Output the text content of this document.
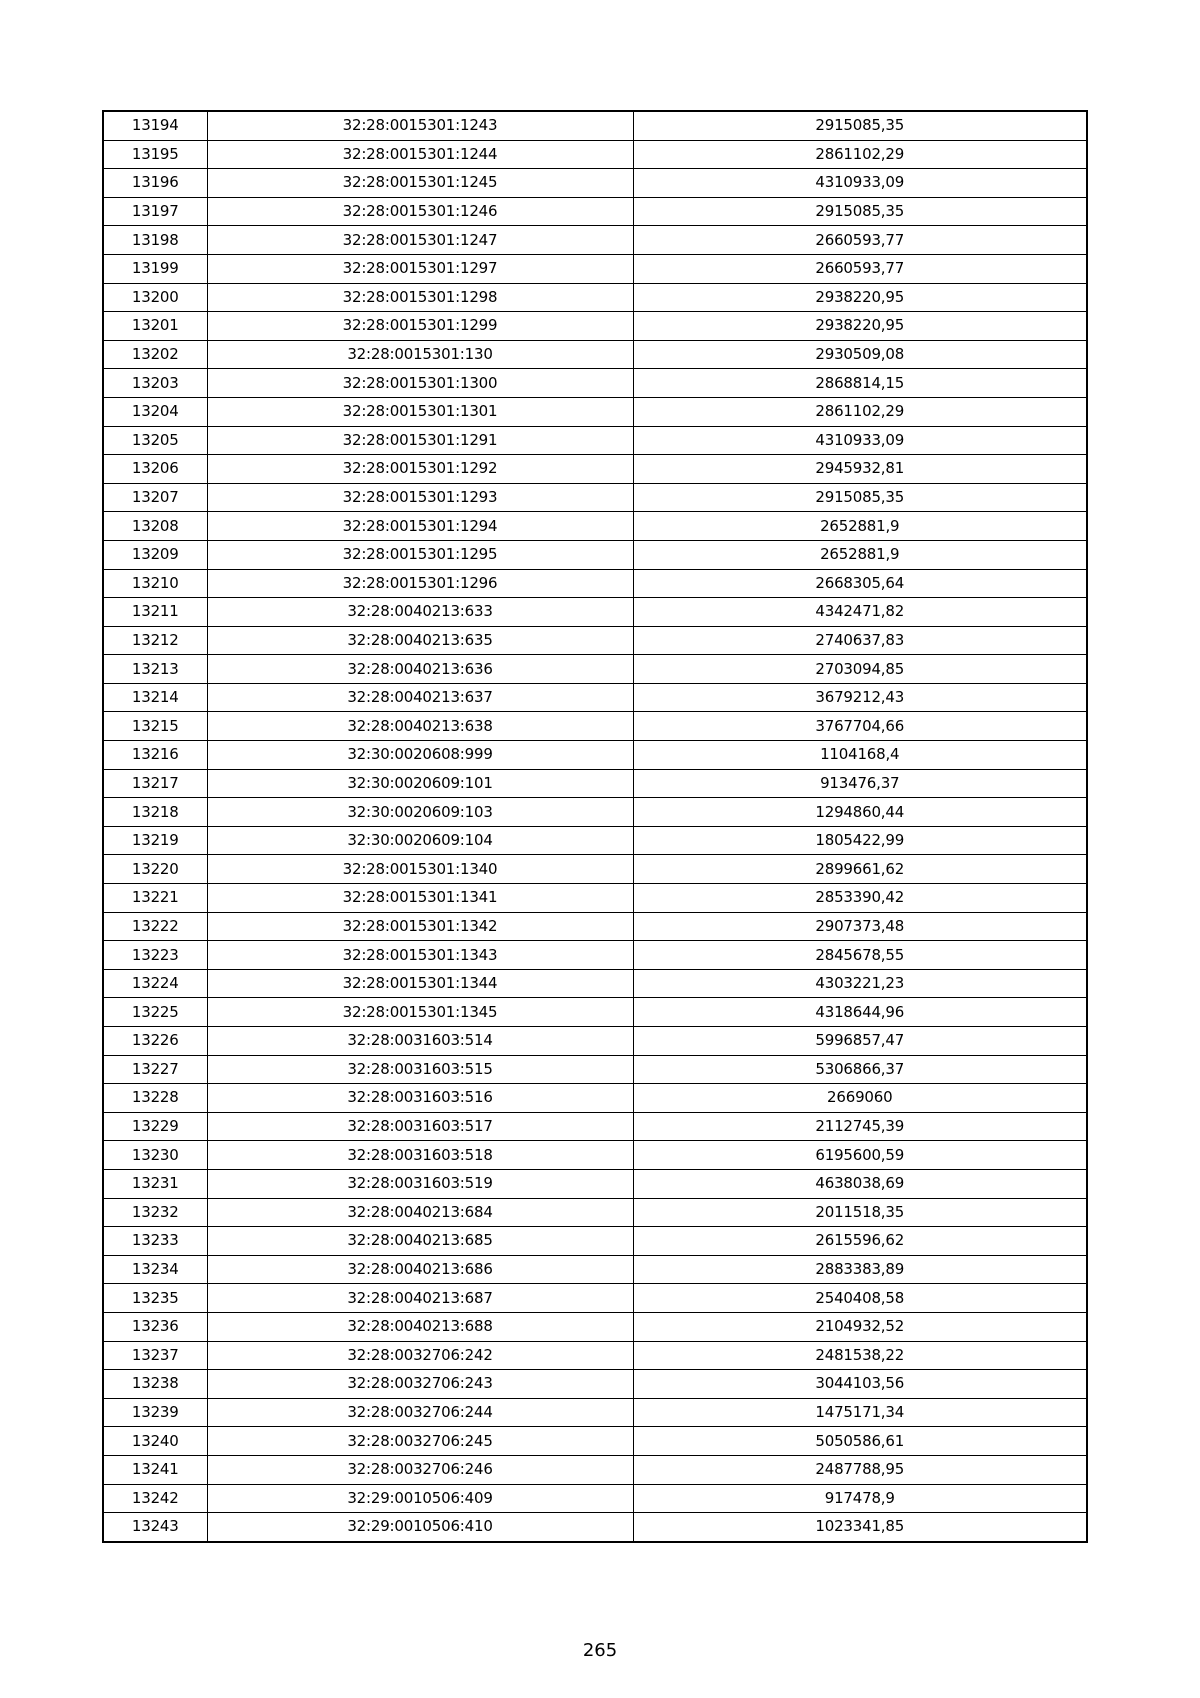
13194	32:28:0015301:1243	2915085,35
13195	32:28:0015301:1244	2861102,29
13196	32:28:0015301:1245	4310933,09
13197	32:28:0015301:1246	2915085,35
13198	32:28:0015301:1247	2660593,77
13199	32:28:0015301:1297	2660593,77
13200	32:28:0015301:1298	2938220,95
13201	32:28:0015301:1299	2938220,95
13202	32:28:0015301:130	2930509,08
13203	32:28:0015301:1300	2868814,15
13204	32:28:0015301:1301	2861102,29
13205	32:28:0015301:1291	4310933,09
13206	32:28:0015301:1292	2945932,81
13207	32:28:0015301:1293	2915085,35
13208	32:28:0015301:1294	2652881,9
13209	32:28:0015301:1295	2652881,9
13210	32:28:0015301:1296	2668305,64
13211	32:28:0040213:633	4342471,82
13212	32:28:0040213:635	2740637,83
13213	32:28:0040213:636	2703094,85
13214	32:28:0040213:637	3679212,43
13215	32:28:0040213:638	3767704,66
13216	32:30:0020608:999	1104168,4
13217	32:30:0020609:101	913476,37
13218	32:30:0020609:103	1294860,44
13219	32:30:0020609:104	1805422,99
13220	32:28:0015301:1340	2899661,62
13221	32:28:0015301:1341	2853390,42
13222	32:28:0015301:1342	2907373,48
13223	32:28:0015301:1343	2845678,55
13224	32:28:0015301:1344	4303221,23
13225	32:28:0015301:1345	4318644,96
13226	32:28:0031603:514	5996857,47
13227	32:28:0031603:515	5306866,37
13228	32:28:0031603:516	2669060
13229	32:28:0031603:517	2112745,39
13230	32:28:0031603:518	6195600,59
13231	32:28:0031603:519	4638038,69
13232	32:28:0040213:684	2011518,35
13233	32:28:0040213:685	2615596,62
13234	32:28:0040213:686	2883383,89
13235	32:28:0040213:687	2540408,58
13236	32:28:0040213:688	2104932,52
13237	32:28:0032706:242	2481538,22
13238	32:28:0032706:243	3044103,56
13239	32:28:0032706:244	1475171,34
13240	32:28:0032706:245	5050586,61
13241	32:28:0032706:246	2487788,95
13242	32:29:0010506:409	917478,9
13243	32:29:0010506:410	1023341,85
265
